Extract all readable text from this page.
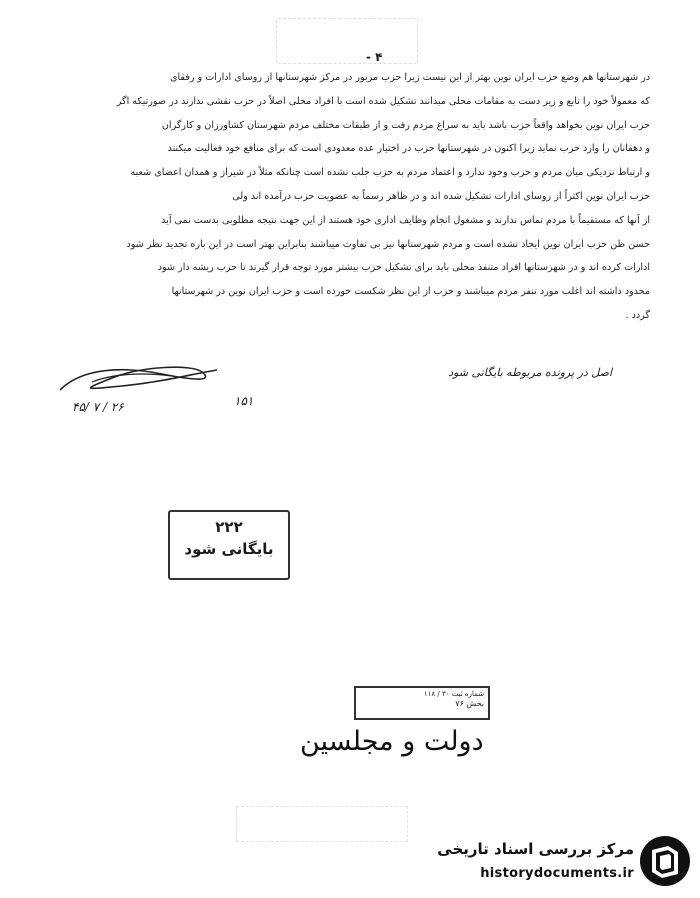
۴ -
در شهرستانها هم وضع حزب ایران نوین بهتر از این نیست زیرا حزب مزبور در مرکز شهرستانها از روسای ادارات و رفقای
که معمولاً خود را تابع و زیر دست به مقامات محلی میدانند تشکیل شده است با افراد محلی اصلاً در حزب نقشی ندارند در صورتیکه اگر
حزب ایران نوین بخواهد واقعاً حزب باشد باید به سراغ مردم رفت و از طبقات مختلف مردم شهرستان کشاورزان و کارگران
و دهقانان را وارد حزب نماید زیرا اکنون در شهرستانها حزب در اختیار عده معدودی است که برای منافع خود فعالیت میکنند
و ارتباط نزدیکی میان مردم و حزب وجود ندارد و اعتماد مردم به حزب جلب نشده است چنانکه مثلاً در شیراز و همدان اعضای شعبه
حزب ایران نوین اکثراً از روسای ادارات تشکیل شده اند و در ظاهر رسماً به عضویت حزب درآمده اند ولی
از آنها که مستقیماً با مردم تماس ندارند و مشغول انجام وظایف اداری خود هستند از این جهت نتیجه مطلوبی بدست نمی آید
حسن ظن حزب ایران نوین ایجاد نشده است و مردم شهرستانها نیز بی تفاوت میباشند بنابراین بهتر است در این باره تجدید نظر شود
ادارات کرده اند و در شهرستانها افراد متنفذ محلی باید برای تشکیل حزب بیشتر مورد توجه قرار گیرند تا حزب ریشه دار شود
محدود داشته اند اغلب مورد تنفر مردم میباشند و حزب از این نظر شکست خورده است و حزب ایران نوین در شهرستانها
گردد .
اصل در پرونده مربوطه بایگانی شود
۱۵۱
۴۵/ ۷ / ۲۶
۲۲۲
بایگانی شود
شماره ثبت ۳۰ / ۱۱۸
بخش ۷۶
دولت و مجلسین
مرکز بررسی اسناد تاریخی
historydocuments.ir
